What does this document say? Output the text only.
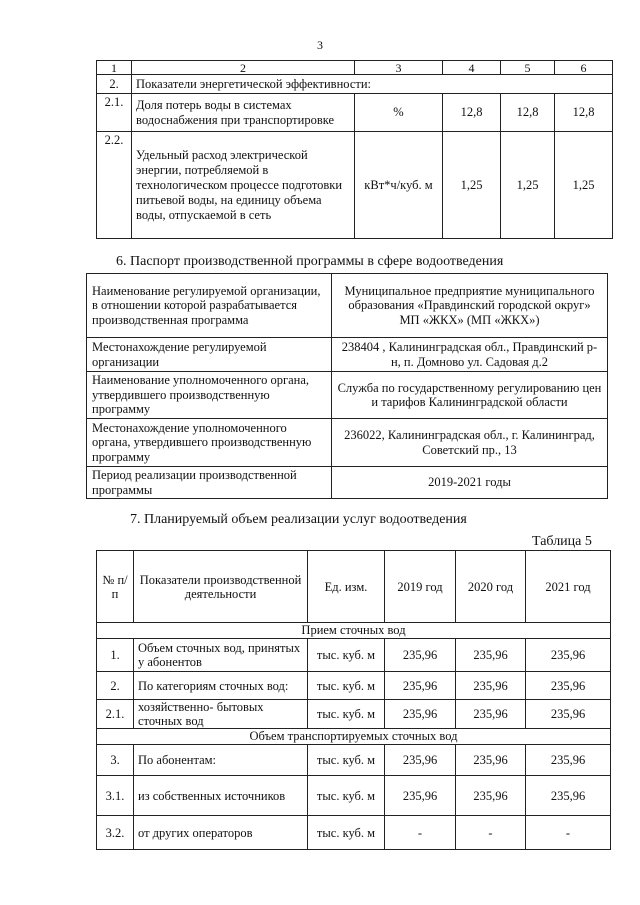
3
1	2	3	4	5	6
2.	Показатели энергетической эффективности:				
2.1.	Доля потерь воды в системах водоснабжения при транспортировке	%	12,8	12,8	12,8
2.2.	Удельный расход электрической энергии, потребляемой в технологическом процессе подготовки питьевой воды, на единицу объема воды, отпускаемой в сеть	кВт*ч/куб. м	1,25	1,25	1,25
6. Паспорт производственной программы в сфере водоотведения
Наименование регулируемой организации, в отношении которой разрабатывается производственная программа	Муниципальное предприятие муниципального образования «Правдинский городской округ» МП «ЖКХ» (МП «ЖКХ»)
Местонахождение регулируемой организации	238404 , Калининградская обл., Правдинский р-н, п. Домново ул. Садовая д.2
Наименование уполномоченного органа, утвердившего производственную программу	Служба по государственному регулированию цен и тарифов Калининградской области
Местонахождение уполномоченного органа, утвердившего производственную программу	236022, Калининградская обл., г. Калининград, Советский пр., 13
Период реализации производственной программы	2019-2021 годы
7. Планируемый объем реализации услуг водоотведения
Таблица 5
№ п/п	Показатели производственной деятельности	Ед. изм.	2019 год	2020 год	2021 год
Прием сточных вод					
1.	Объем сточных вод, принятых у абонентов	тыс. куб. м	235,96	235,96	235,96
2.	По категориям сточных вод:	тыс. куб. м	235,96	235,96	235,96
2.1.	хозяйственно- бытовых сточных вод	тыс. куб. м	235,96	235,96	235,96
Объем транспортируемых сточных вод					
3.	По абонентам:	тыс. куб. м	235,96	235,96	235,96
3.1.	из собственных источников	тыс. куб. м	235,96	235,96	235,96
3.2.	от других операторов	тыс. куб. м	-	-	-
